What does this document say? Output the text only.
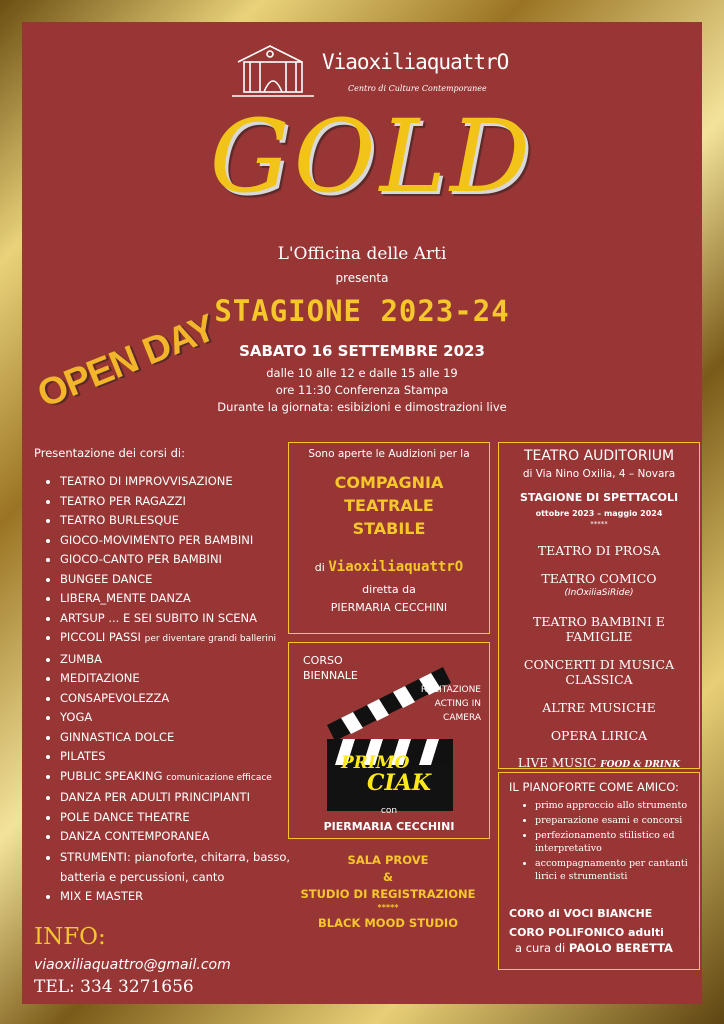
ViaoxiliaquattrO
Centro di Culture Contemporanee
GOLD
L'Officina delle Arti
presenta
STAGIONE 2023-24
OPEN DAY	SABATO 16 SETTEMBRE 2023
dalle 10 alle 12 e dalle 15 alle 19
ore 11:30 Conferenza Stampa
Durante la giornata: esibizioni e dimostrazioni live
Presentazione dei corsi di:
• TEATRO DI IMPROVVISAZIONE
• TEATRO PER RAGAZZI
• TEATRO BURLESQUE
• GIOCO-MOVIMENTO PER BAMBINI
• GIOCO-CANTO PER BAMBINI
• BUNGEE DANCE
• LIBERA_MENTE DANZA
• ARTSUP ... E SEI SUBITO IN SCENA
• PICCOLI PASSI per diventare grandi ballerini
• ZUMBA
• MEDITAZIONE
• CONSAPEVOLEZZA
• YOGA
• GINNASTICA DOLCE
• PILATES
• PUBLIC SPEAKING comunicazione efficace
• DANZA PER ADULTI PRINCIPIANTI
• POLE DANCE THEATRE
• DANZA CONTEMPORANEA
• STRUMENTI: pianoforte, chitarra, basso, batteria e percussioni, canto
• MIX E MASTER
Sono aperte le Audizioni per la
COMPAGNIA
TEATRALE
STABILE
di ViaoxiliaquattrO
diretta da
PIERMARIA CECCHINI
CORSO
BIENNALE
RECITAZIONE
ACTING IN CAMERA
PRIMO
CIAK
con
PIERMARIA CECCHINI
TEATRO AUDITORIUM
di Via Nino Oxilia, 4 – Novara
STAGIONE DI SPETTACOLI
ottobre 2023 – maggio 2024
*****
TEATRO DI PROSA
TEATRO COMICO
(InOxiliaSiRide)
TEATRO BAMBINI E FAMIGLIE
CONCERTI DI MUSICA CLASSICA
ALTRE MUSICHE
OPERA LIRICA
LIVE MUSIC FOOD & DRINK
IL PIANOFORTE COME AMICO:
• primo approccio allo strumento
• preparazione esami e concorsi
• perfezionamento stilistico ed interpretativo
• accompagnamento per cantanti lirici e strumentisti
CORO di VOCI BIANCHE
CORO POLIFONICO adulti
a cura di PAOLO BERETTA
SALA PROVE
&
STUDIO DI REGISTRAZIONE
*****
BLACK MOOD STUDIO
INFO:
viaoxiliaquattro@gmail.com
TEL: 334 3271656
